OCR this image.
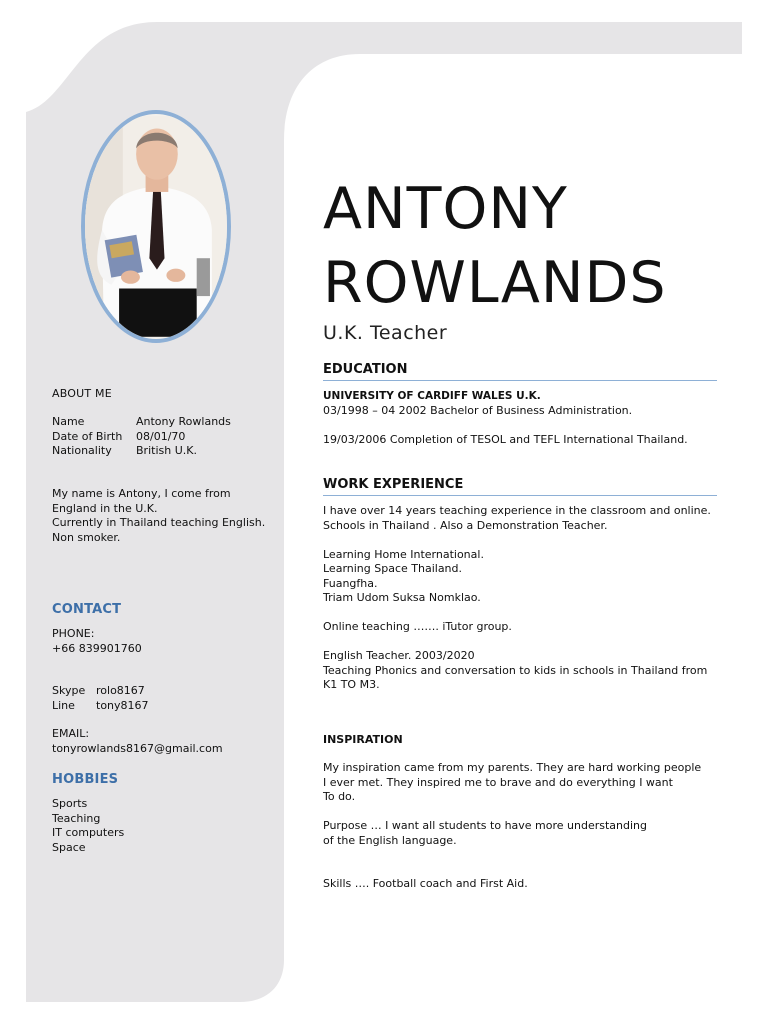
ABOUT ME
Name	Antony Rowlands
Date of Birth	08/01/70
Nationality	British U.K.
My name is Antony, I come from
England in the U.K.
Currently in Thailand teaching English.
Non smoker.
CONTACT
PHONE:
+66 839901760
Skype rolo8167
Line	tony8167
EMAIL:
tonyrowlands8167@gmail.com
HOBBIES
Sports
Teaching
IT computers
Space
ANTONY
ROWLANDS
U.K. Teacher
EDUCATION
UNIVERSITY OF CARDIFF WALES U.K.
03/1998 – 04 2002 Bachelor of Business Administration.
19/03/2006 Completion of TESOL and TEFL International Thailand.
WORK EXPERIENCE
I have over 14 years teaching experience in the classroom and online.
Schools in Thailand . Also a Demonstration Teacher.
Learning Home International.
Learning Space Thailand.
Fuangfha.
Triam Udom Suksa Nomklao.
Online teaching ……. iTutor group.
English Teacher. 2003/2020
Teaching Phonics and conversation to kids in schools in Thailand from
K1 TO M3.
INSPIRATION
My inspiration came from my parents. They are hard working people
I ever met. They inspired me to brave and do everything I want
To do.
Purpose … I want all students to have more understanding
of the English language.
Skills …. Football coach and First Aid.
